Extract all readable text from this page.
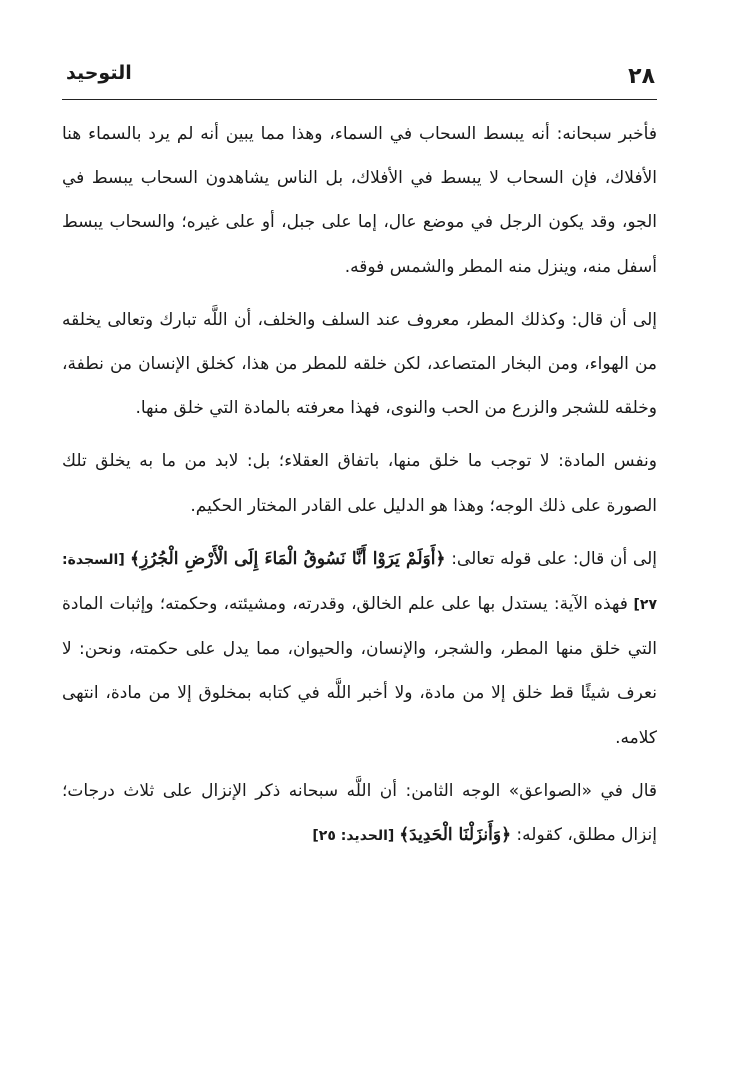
٢٨
التوحيد

فأخبر سبحانه: أنه يبسط السحاب في السماء، وهذا مما يبين أنه لم يرد بالسماء هنا الأفلاك، فإن السحاب لا يبسط في الأفلاك، بل الناس يشاهدون السحاب يبسط في الجو، وقد يكون الرجل في موضع عال، إما على جبل، أو على غيره؛ والسحاب يبسط أسفل منه، وينزل منه المطر والشمس فوقه.

إلى أن قال: وكذلك المطر، معروف عند السلف والخلف، أن اللَّه تبارك وتعالى يخلقه من الهواء، ومن البخار المتصاعد، لكن خلقه للمطر من هذا، كخلق الإنسان من نطفة، وخلقه للشجر والزرع من الحب والنوى، فهذا معرفته بالمادة التي خلق منها.

ونفس المادة: لا توجب ما خلق منها، باتفاق العقلاء؛ بل: لابد من ما به يخلق تلك الصورة على ذلك الوجه؛ وهذا هو الدليل على القادر المختار الحكيم.

إلى أن قال: على قوله تعالى: ﴿أَوَلَمْ يَرَوْا أَنَّا نَسُوقُ الْمَاءَ إِلَى الْأَرْضِ الْجُرُزِ﴾ [السجدة: ٢٧] فهذه الآية: يستدل بها على علم الخالق، وقدرته، ومشيئته، وحكمته؛ وإثبات المادة التي خلق منها المطر، والشجر، والإنسان، والحيوان، مما يدل على حكمته، ونحن: لا نعرف شيئًا قط خلق إلا من مادة، ولا أخبر اللَّه في كتابه بمخلوق إلا من مادة، انتهى كلامه.

قال في «الصواعق» الوجه الثامن: أن اللَّه سبحانه ذكر الإنزال على ثلاث درجات؛ إنزال مطلق، كقوله: ﴿وَأَنزَلْنَا الْحَدِيدَ﴾ [الحديد: ٢٥]
